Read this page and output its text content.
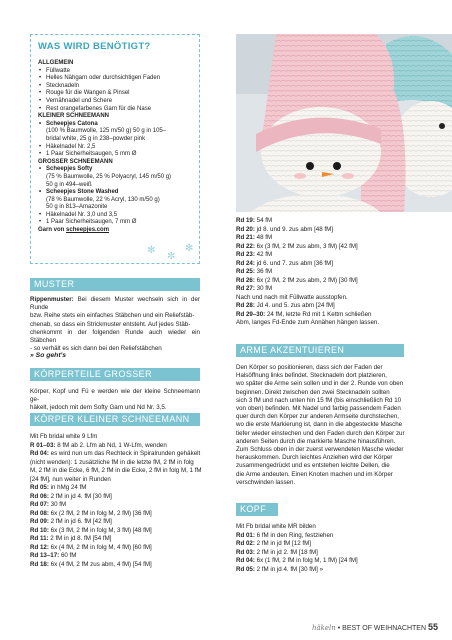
WAS WIRD BENÖTIGT?
ALLGEMEIN
• Füllwatte
• Helles Nähgarn oder durchsichtigen Faden
• Stecknadeln
• Rouge für die Wangen & Pinsel
• Vernähnadel und Schere
• Rest orangefarbenes Garn für die Nase
KLEINER SCHNEEMANN
• Scheepjes Catona
(100 % Baumwolle, 125 m/50 g) 50 g in 105–
bridal white, 25 g in 238–powder pink
• Häkelnadel Nr. 2,5
• 1 Paar Sicherheitsaugen, 5 mm Ø
GROSSER SCHNEEMANN
• Scheepjes Softy
(75 % Baumwolle, 25 % Polyacryl, 145 m/50 g)
50 g in 494–weiß
• Scheepjes Stone Washed
(78 % Baumwolle, 22 % Acryl, 130 m/50 g)
50 g in 813–Amazonite
• Häkelnadel Nr. 3,0 und 3,5
• 1 Paar Sicherheitsaugen, 7 mm Ø
Garn von scheepjes.com
✻
✼
✻
MUSTER
Rippenmuster: Bei diesem Muster wechseln sich in der Runde
bzw. Reihe stets ein einfaches Stäbchen und ein Reliefstäb-
chenab, so dass ein Strickmuster entsteht. Auf jedes Stäb-
chenkommt in der folgenden Runde auch wieder ein Stäbchen
- so verhält es sich dann bei den Reliefstäbchen
» So geht's
KÖRPERTEILE GROSSER SCHNEEMANN
Körper, Kopf und Fü e werden wie der kleine Schneemann ge-
häkelt, jedoch mit dem Softy Garn und Nd Nr. 3,5.
KÖRPER KLEINER SCHNEEMANN
Mit Fb bridal white 9 Lfm
R 01–03: 8 fM ab 2. Lfm ab Nd, 1 W-Lfm, wenden
Rd 04: es wird nun um das Rechteck in Spiralrunden gehäkelt
(nicht wenden): 1 zusätzliche fM in die letzte fM, 2 fM in folg
M, 2 fM in die Ecke, 6 fM, 2 fM in die Ecke, 2 fM in folg M, 1 fM
[24 fM], nun weiter in Runden
Rd 05: in hMg 24 fM
Rd 06: 2 fM in jd 4. fM [30 fM]
Rd 07: 30 fM
Rd 08: 6x (2 fM, 2 fM in folg M, 2 fM) [36 fM]
Rd 09: 2 fM in jd 6. fM [42 fM]
Rd 10: 6x (3 fM, 2 fM in folg M, 3 fM) [48 fM]
Rd 11: 2 fM in jd 8. fM [54 fM]
Rd 12: 6x (4 fM, 2 fM in folg M, 4 fM) [60 fM]
Rd 13–17: 60 fM
Rd 18: 6x (4 fM, 2 fM zus abm, 4 fM) [54 fM]
Rd 19: 54 fM
Rd 20: jd 8. und 9. zus abm [48 fM]
Rd 21: 48 fM
Rd 22: 6x (3 fM, 2 fM zus abm, 3 fM) [42 fM]
Rd 23: 42 fM
Rd 24: jd 6. und 7. zus abm [36 fM]
Rd 25: 36 fM
Rd 26: 6x (2 fM, 2 fM zus abm, 2 fM) [30 fM]
Rd 27: 30 fM
Nach und nach mit Füllwatte ausstopfen.
Rd 28: Jd 4. und 5. zus abm [24 fM]
Rd 29–30: 24 fM, letzte Rd mit 1 Kettm schließen
Abm, langes Fd-Ende zum Annähen hängen lassen.
ARME AKZENTUIEREN
Den Körper so positionieren, dass sich der Faden der
Halsöffnung links befindet. Stecknadeln dort platzieren,
wo später die Arme sein sollen und in der 2. Runde von oben
beginnen. Direkt zwischen den zwei Stecknadeln sollten
sich 3 fM und nach unten hin 15 fM (bis einschließlich Rd 10
von oben) befinden. Mit Nadel und farbig passendem Faden
quer durch den Körper zur anderen Armseite durchstechen,
wo die erste Markierung ist, dann in die abgesteckte Masche
tiefer wieder einstechen und den Faden durch den Körper zur
anderen Seiten durch die markierte Masche hinausführen.
Zum Schluss oben in der zuerst verwendeten Masche wieder
herauskommen. Durch leichtes Anziehen wird der Körper
zusammengedrückt und es entstehen leichte Dellen, die
die Arme andeuten. Einen Knoten machen und im Körper
verschwinden lassen.
KOPF
Mit Fb bridal white MR bilden
Rd 01: 6 fM in den Ring, festziehen
Rd 02: 2 fM in jd fM [12 fM]
Rd 03: 2 fM in jd 2. fM [18 fM]
Rd 04: 6x (1 fM, 2 fM in folg M, 1 fM) [24 fM]
Rd 05: 2 fM in jd 4. fM [30 fM] »
häkeln • BEST OF WEIHNACHTEN 55
